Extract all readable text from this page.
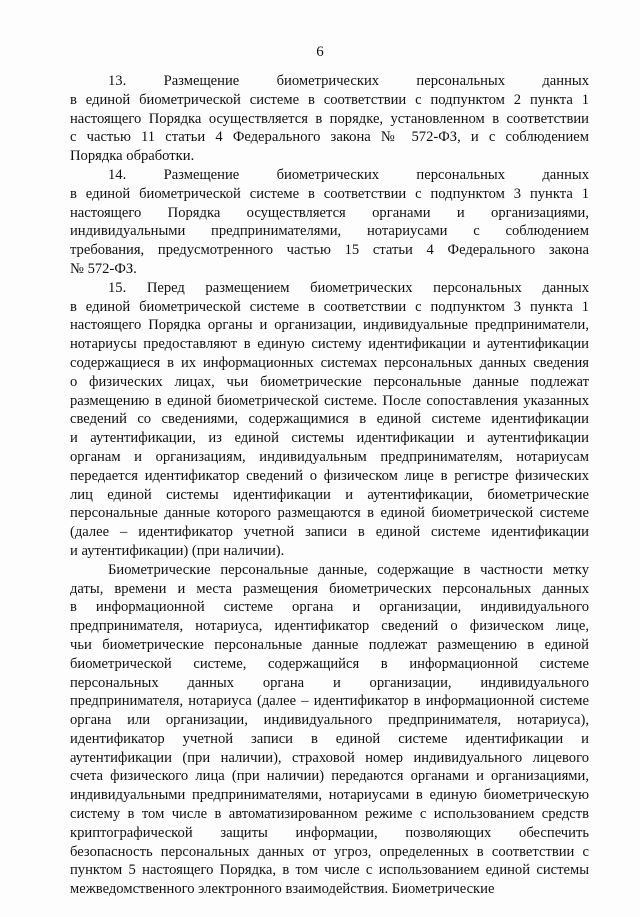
6
13. Размещение биометрических персональных данных
в единой биометрической системе в соответствии с подпунктом 2 пункта 1
настоящего Порядка осуществляется в порядке, установленном в соответствии
с частью 11 статьи 4 Федерального закона № 572-ФЗ, и с соблюдением
Порядка обработки.
14. Размещение биометрических персональных данных
в единой биометрической системе в соответствии с подпунктом 3 пункта 1
настоящего Порядка осуществляется органами и организациями,
индивидуальными предпринимателями, нотариусами с соблюдением
требования, предусмотренного частью 15 статьи 4 Федерального закона
№ 572-ФЗ.
15. Перед размещением биометрических персональных данных
в единой биометрической системе в соответствии с подпунктом 3 пункта 1
настоящего Порядка органы и организации, индивидуальные предприниматели,
нотариусы предоставляют в единую систему идентификации и аутентификации
содержащиеся в их информационных системах персональных данных сведения
о физических лицах, чьи биометрические персональные данные подлежат
размещению в единой биометрической системе. После сопоставления указанных
сведений со сведениями, содержащимися в единой системе идентификации
и аутентификации, из единой системы идентификации и аутентификации
органам и организациям, индивидуальным предпринимателям, нотариусам
передается идентификатор сведений о физическом лице в регистре физических
лиц единой системы идентификации и аутентификации, биометрические
персональные данные которого размещаются в единой биометрической системе
(далее – идентификатор учетной записи в единой системе идентификации
и аутентификации) (при наличии).
Биометрические персональные данные, содержащие в частности метку
даты, времени и места размещения биометрических персональных данных
в информационной системе органа и организации, индивидуального
предпринимателя, нотариуса, идентификатор сведений о физическом лице,
чьи биометрические персональные данные подлежат размещению в единой
биометрической системе, содержащийся в информационной системе
персональных данных органа и организации, индивидуального
предпринимателя, нотариуса (далее – идентификатор в информационной системе
органа или организации, индивидуального предпринимателя, нотариуса),
идентификатор учетной записи в единой системе идентификации и
аутентификации (при наличии), страховой номер индивидуального лицевого
счета физического лица (при наличии) передаются органами и организациями,
индивидуальными предпринимателями, нотариусами в единую биометрическую
систему в том числе в автоматизированном режиме с использованием средств
криптографической защиты информации, позволяющих обеспечить
безопасность персональных данных от угроз, определенных в соответствии с
пунктом 5 настоящего Порядка, в том числе с использованием единой системы
межведомственного электронного взаимодействия. Биометрические
